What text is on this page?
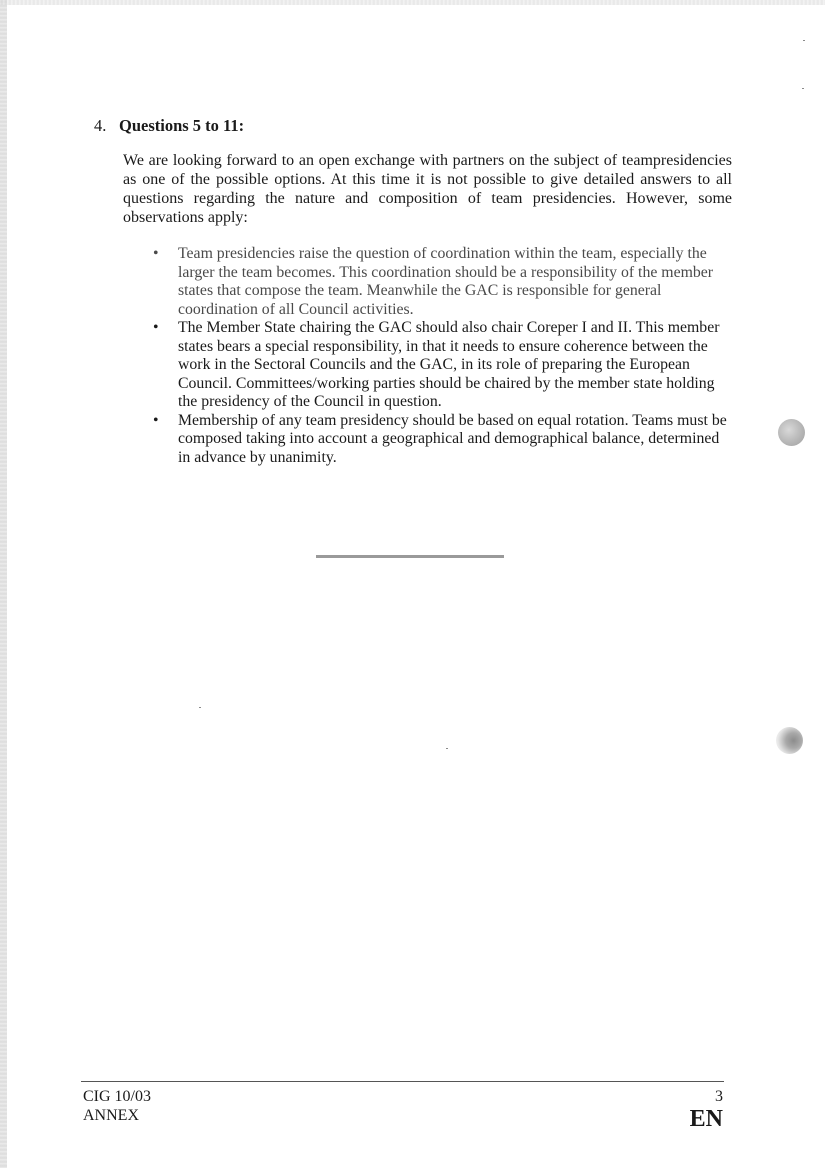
4. Questions 5 to 11:

We are looking forward to an open exchange with partners on the subject of teampresidencies as one of the possible options. At this time it is not possible to give detailed answers to all questions regarding the nature and composition of team presidencies. However, some observations apply:

•	Team presidencies raise the question of coordination within the team, especially the larger the team becomes. This coordination should be a responsibility of the member states that compose the team. Meanwhile the GAC is responsible for general coordination of all Council activities.
•	The Member State chairing the GAC should also chair Coreper I and II. This member states bears a special responsibility, in that it needs to ensure coherence between the work in the Sectoral Councils and the GAC, in its role of preparing the European Council. Committees/working parties should be chaired by the member state holding the presidency of the Council in question.
•	Membership of any team presidency should be based on equal rotation. Teams must be composed taking into account a geographical and demographical balance, determined in advance by unanimity.
CIG 10/03
ANNEX
3
EN
